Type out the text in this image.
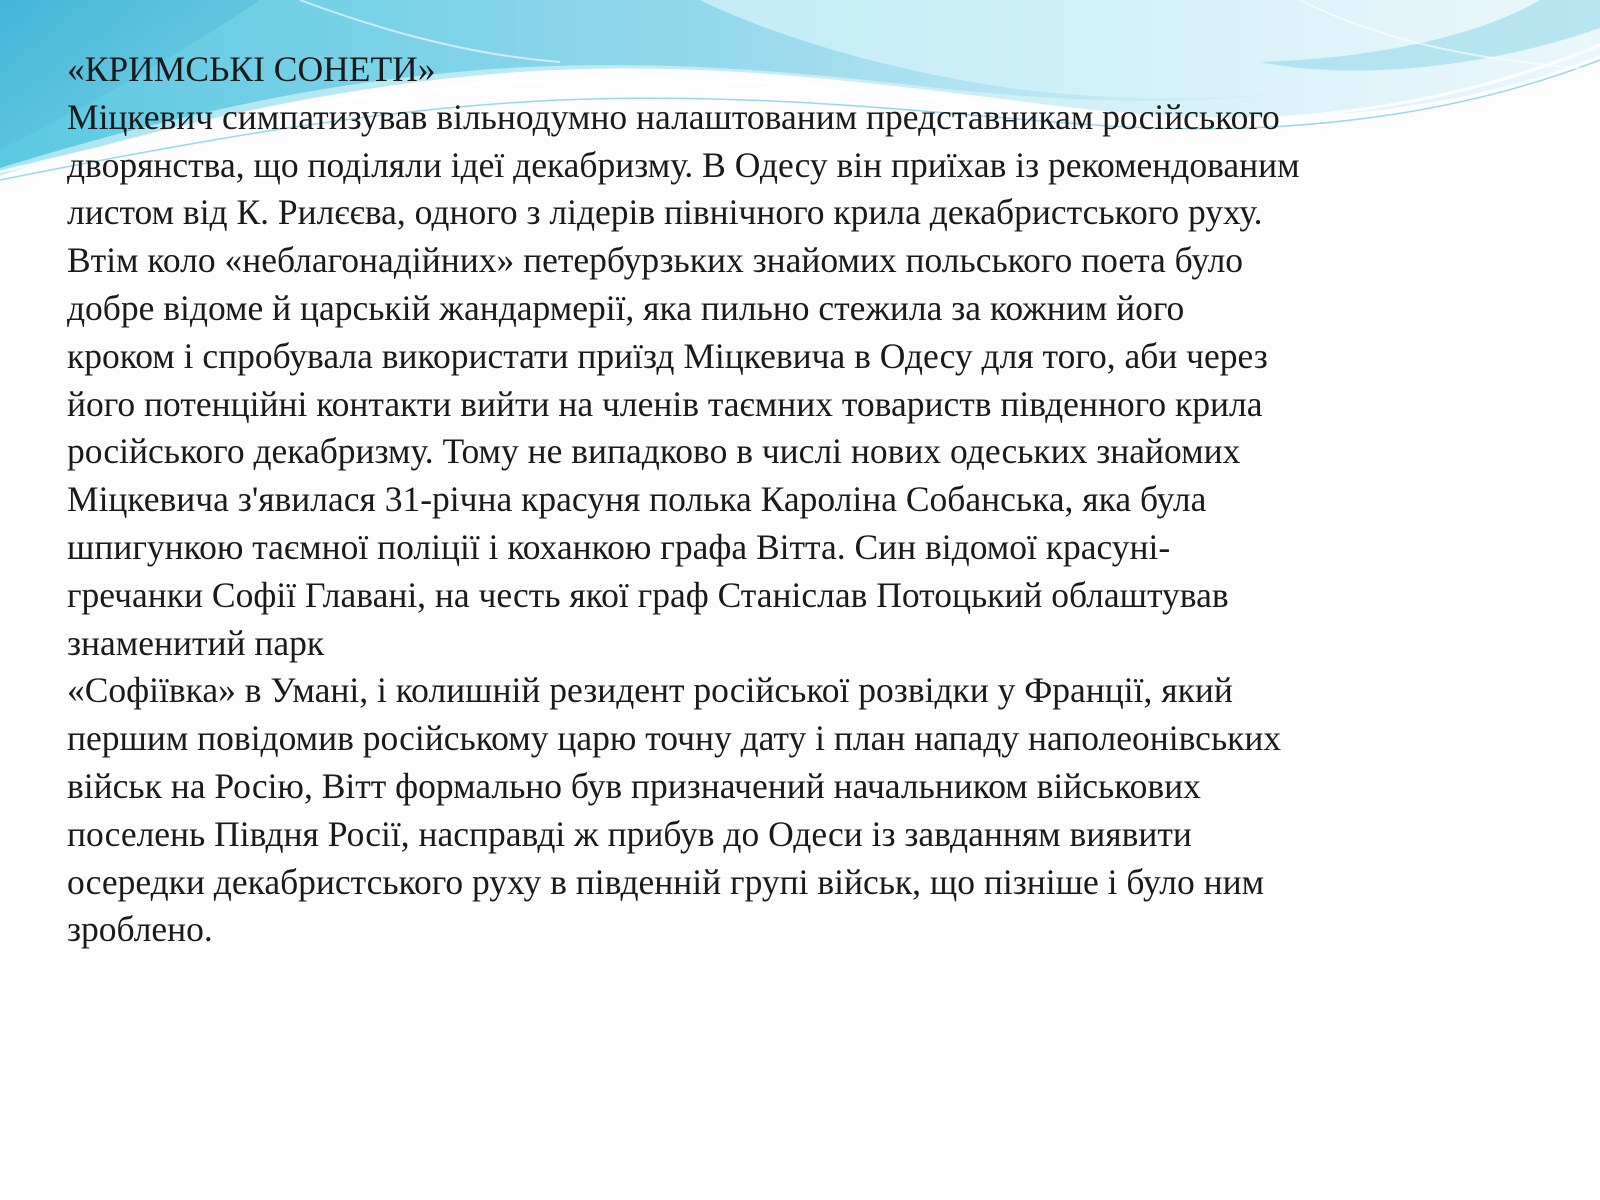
«КРИМСЬКІ СОНЕТИ»
Міцкевич симпатизував вільнодумно налаштованим представникам російського
дворянства, що поділяли ідеї декабризму. В Одесу він приїхав із рекомендованим
листом від К. Рилєєва, одного з лідерів північного крила декабристського руху.
Втім коло «неблагонадійних» петербурзьких знайомих польського поета було
добре відоме й царській жандармерії, яка пильно стежила за кожним його
кроком і спробувала використати приїзд Міцкевича в Одесу для того, аби через
його потенційні контакти вийти на членів таємних товариств південного крила
російського декабризму. Тому не випадково в числі нових одеських знайомих
Міцкевича з'явилася 31-річна красуня полька Кароліна Собанська, яка була
шпигункою таємної поліції і коханкою графа Вітта. Син відомої красуні-
гречанки Софії Главані, на честь якої граф Станіслав Потоцький облаштував
знаменитий парк
«Софіївка» в Умані, і колишній резидент російської розвідки у Франції, який
першим повідомив російському царю точну дату і план нападу наполеонівських
військ на Росію, Вітт формально був призначений начальником військових
поселень Півдня Росії, насправді ж прибув до Одеси із завданням виявити
осередки декабристського руху в південній групі військ, що пізніше і було ним
зроблено.
